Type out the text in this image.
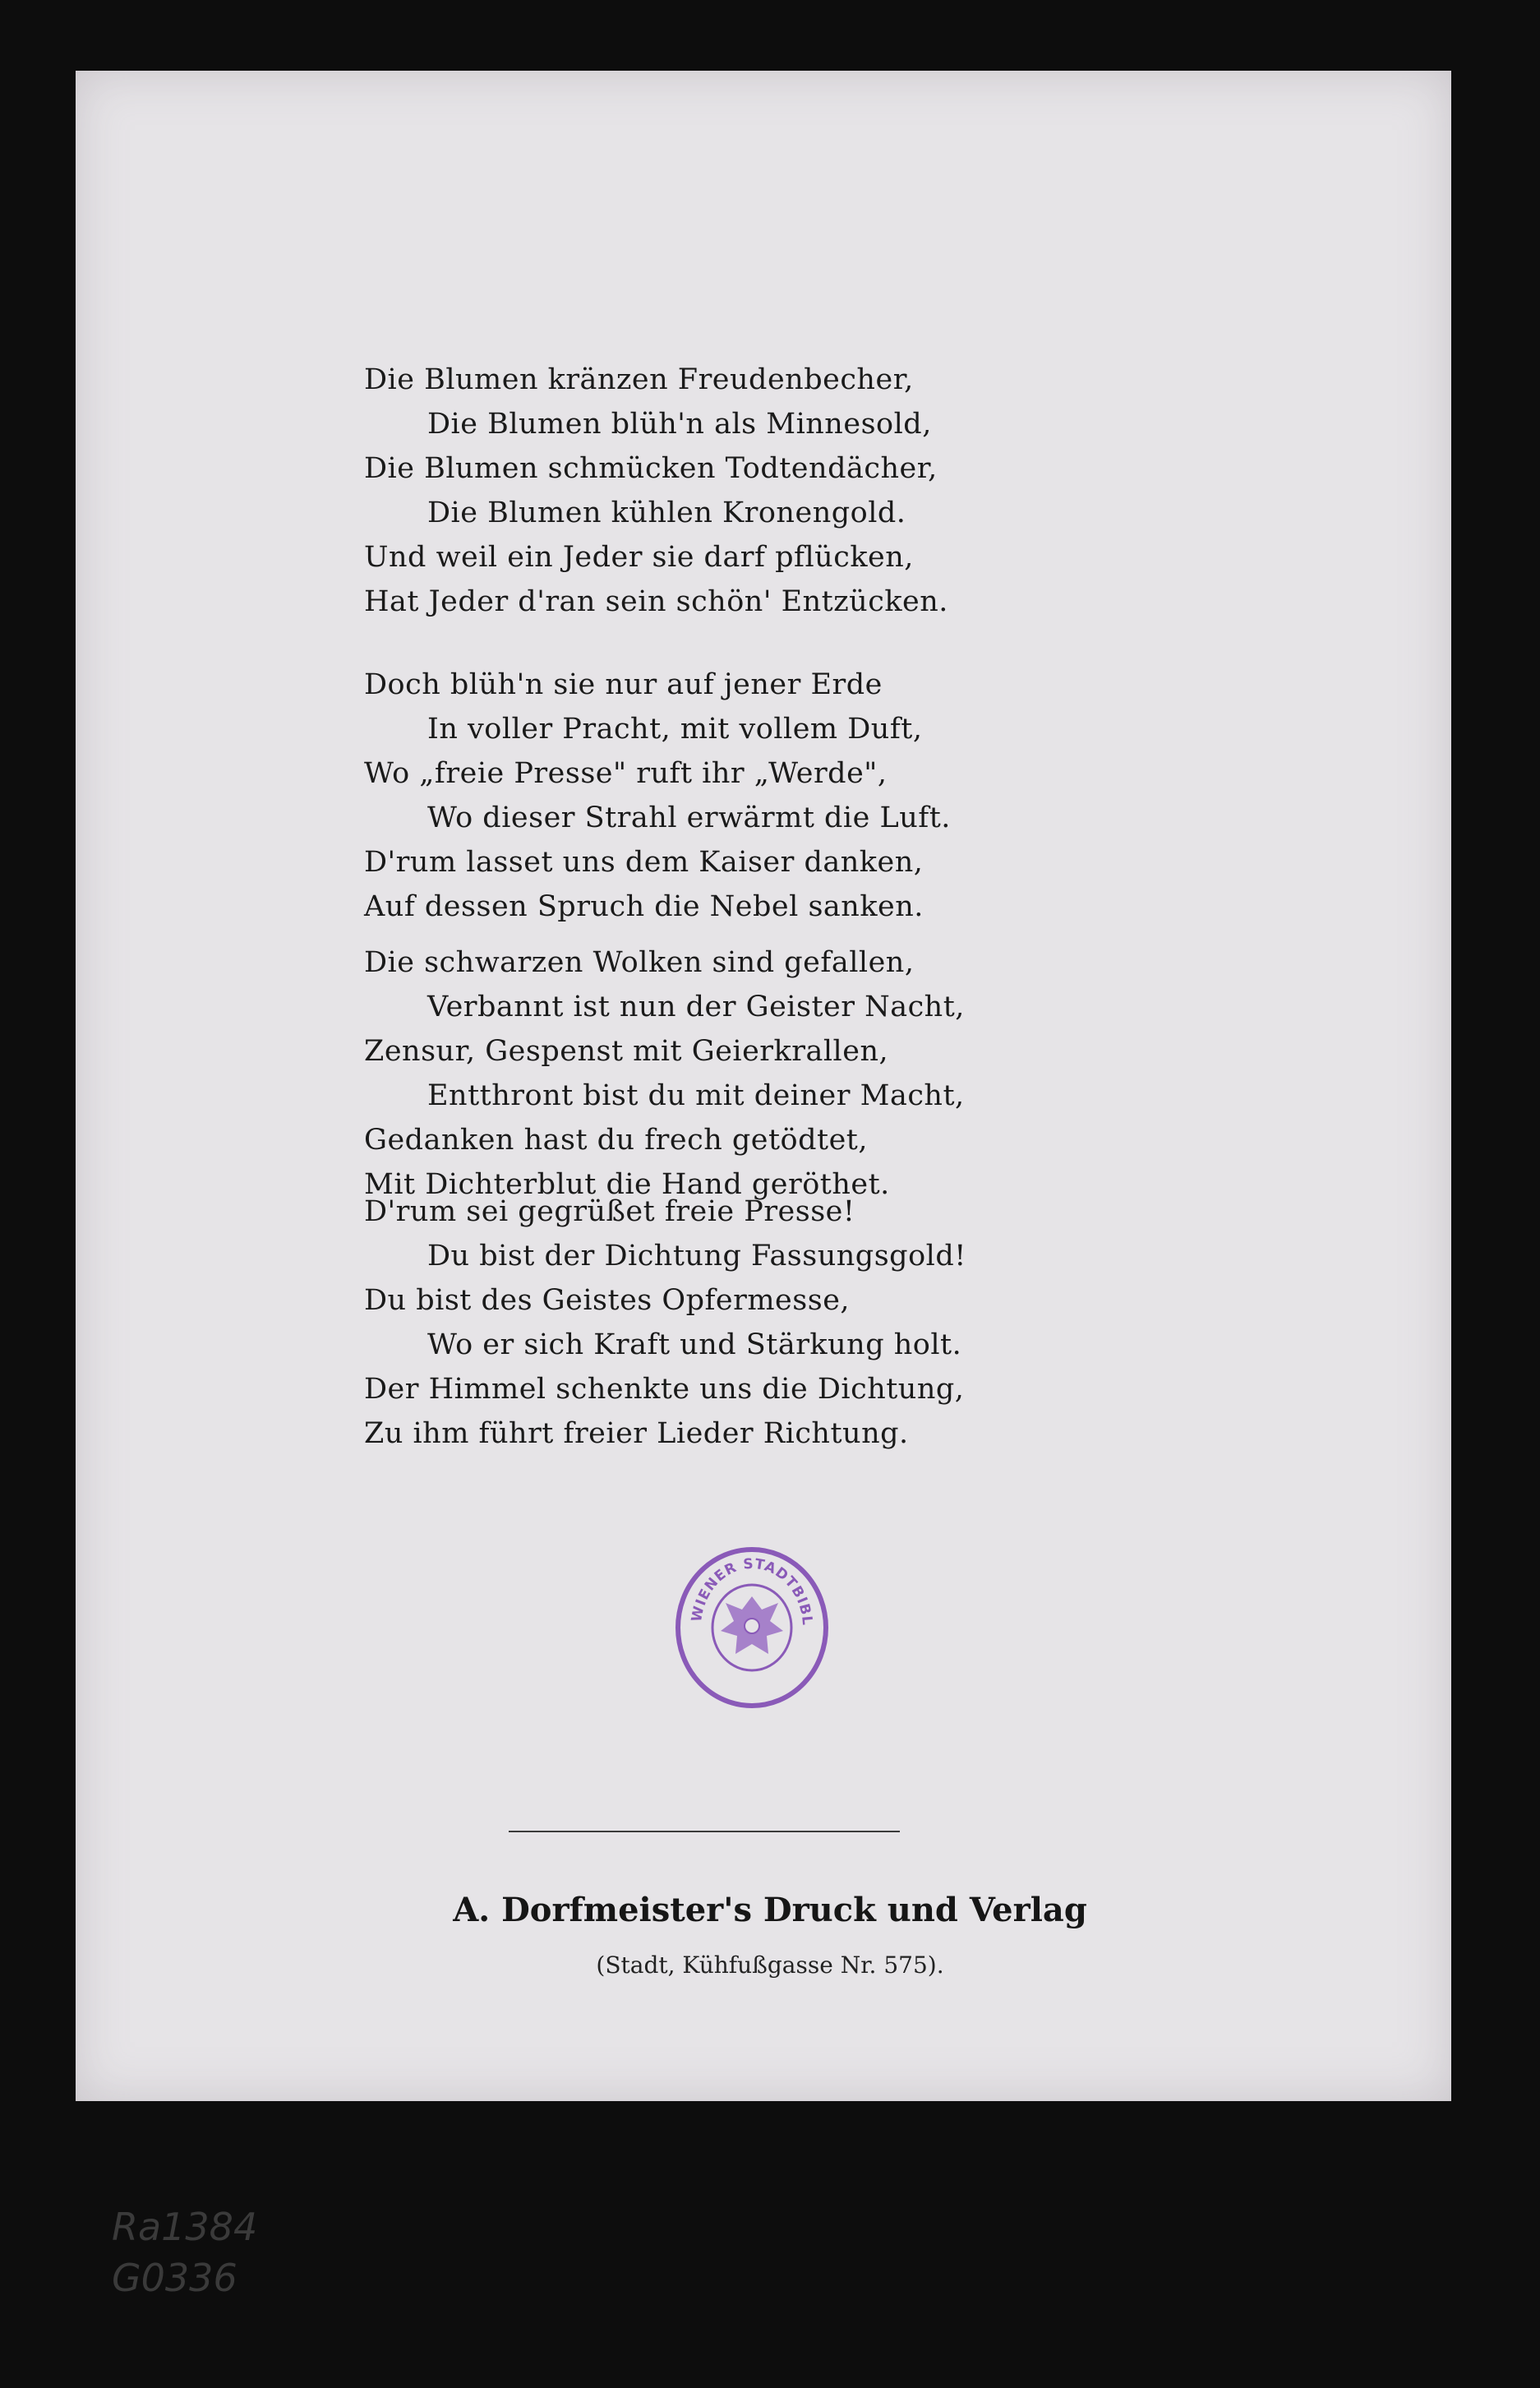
Die Blumen kränzen Freudenbecher,
Die Blumen blüh'n als Minnesold,
Die Blumen schmücken Todtendächer,
Die Blumen kühlen Kronengold.
Und weil ein Jeder sie darf pflücken,
Hat Jeder d'ran sein schön' Entzücken.
Doch blüh'n sie nur auf jener Erde
In voller Pracht, mit vollem Duft,
Wo „freie Presse" ruft ihr „Werde",
Wo dieser Strahl erwärmt die Luft.
D'rum lasset uns dem Kaiser danken,
Auf dessen Spruch die Nebel sanken.
Die schwarzen Wolken sind gefallen,
Verbannt ist nun der Geister Nacht,
Zensur, Gespenst mit Geierkrallen,
Entthront bist du mit deiner Macht,
Gedanken hast du frech getödtet,
Mit Dichterblut die Hand geröthet.
D'rum sei gegrüßet freie Presse!
Du bist der Dichtung Fassungsgold!
Du bist des Geistes Opfermesse,
Wo er sich Kraft und Stärkung holt.
Der Himmel schenkte uns die Dichtung,
Zu ihm führt freier Lieder Richtung.
WIENER STADTBIBL
A. Dorfmeister's Druck und Verlag
(Stadt, Kühfußgasse Nr. 575).
Ra1384
G0336
